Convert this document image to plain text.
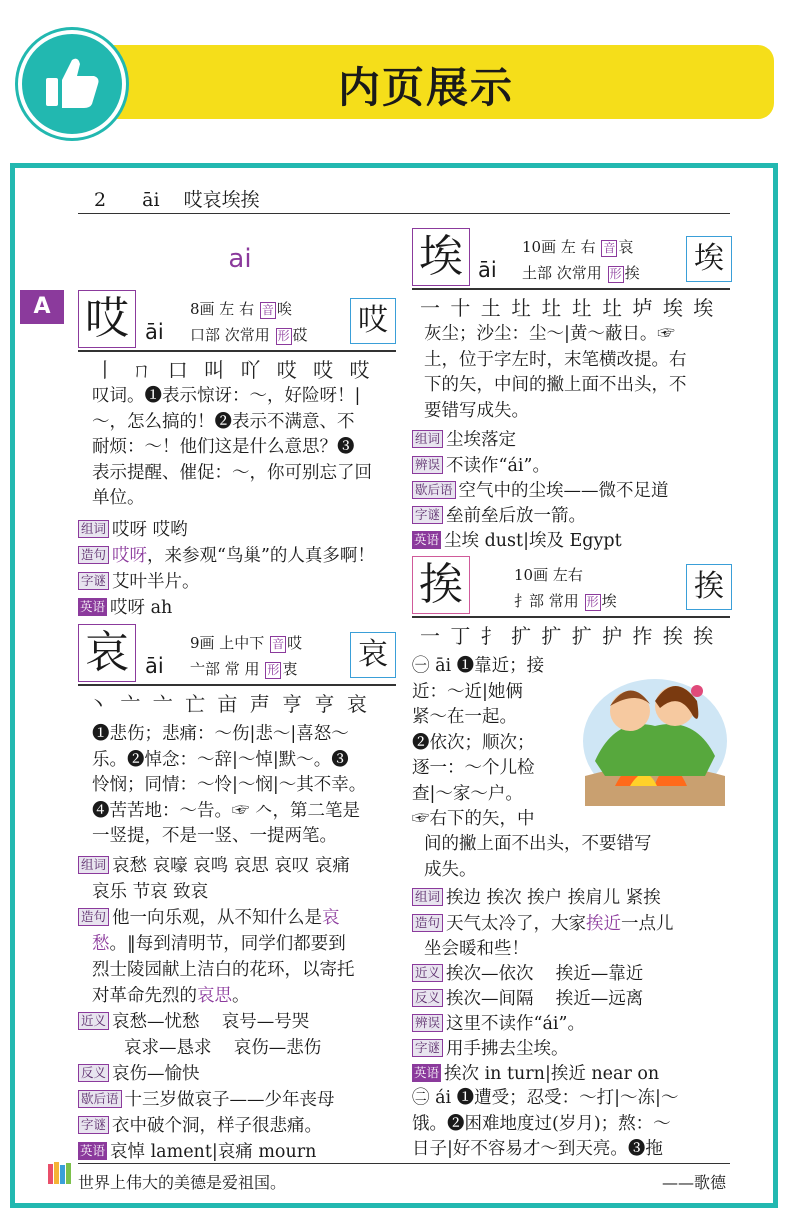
内页展示
2 āi 哎哀埃挨
ai
A 哎 āi
8画 左 右 音 唉
口部 次常用 形 砹 哎
丨 ㄇ 口 叫 吖 哎 哎 哎
叹词。❶表示惊讶：～，好险呀！|
～，怎么搞的！❷表示不满意、不
耐烦：～！他们这是什么意思？❸
表示提醒、催促：～，你可别忘了回
单位。
组词 哎呀 哎哟
造句 哎呀，来参观“鸟巢”的人真多啊！
字谜 艾叶半片。
英语 哎呀 ah
哀 āi
9画 上中下 音 哎
亠部 常 用 形 衷 哀
丶 亠 亠 亡 亩 声 亨 亨 哀
❶悲伤；悲痛：～伤|悲～|喜怒～
乐。❷悼念：～辞|～悼|默～。❸
怜悯；同情：～怜|～悯|～其不幸。
❹苦苦地：～告。☞ 𠆢，第二笔是
一竖提，不是一竖、一提两笔。
组词 哀愁 哀嚎 哀鸣 哀思 哀叹 哀痛
哀乐 节哀 致哀
造句 他一向乐观，从不知什么是哀
愁。‖每到清明节，同学们都要到
烈士陵园献上洁白的花环，以寄托
对革命先烈的哀思。
近义 哀愁—忧愁    哀号—号哭
哀求—恳求    哀伤—悲伤
反义 哀伤—愉快
歇后语 十三岁做哀子——少年丧母
字谜 衣中破个洞，样子很悲痛。
英语 哀悼 lament|哀痛 mourn
埃 āi
10画 左 右 音 哀
土部 次常用 形 挨 埃
一 十 土 圵 圵 圵 圵 垆 埃 埃
灰尘；沙尘：尘～|黄～蔽日。☞
土，位于字左时，末笔横改提。右
下的矢，中间的撇上面不出头，不
要错写成失。
组词 尘埃落定
辨误 不读作“ái”。
歇后语 空气中的尘埃——微不足道
字谜 垒前垒后放一箭。
英语 尘埃 dust|埃及 Egypt
挨	10画 左右
扌部 常用 形 埃	挨
一 丁 扌 扩 扩 扩 护 拃 挨 挨
㊀ āi ❶靠近；接
近：～近|她俩
紧～在一起。
❷依次；顺次；
逐一：～个儿检
查|～家～户。
☞右下的矢，中
间的撇上面不出头，不要错写
成失。
组词 挨边 挨次 挨户 挨肩儿 紧挨
造句 天气太冷了，大家挨近一点儿
坐会暖和些！
近义 挨次—依次    挨近—靠近
反义 挨次—间隔    挨近—远离
辨误 这里不读作“ái”。
字谜 用手拂去尘埃。
英语 挨次 in turn|挨近 near on
㊁ ái ❶遭受；忍受：～打|～冻|～
饿。❷困难地度过(岁月)；熬：～
日子|好不容易才～到天亮。❸拖
世界上伟大的美德是爱祖国。	——歌德
